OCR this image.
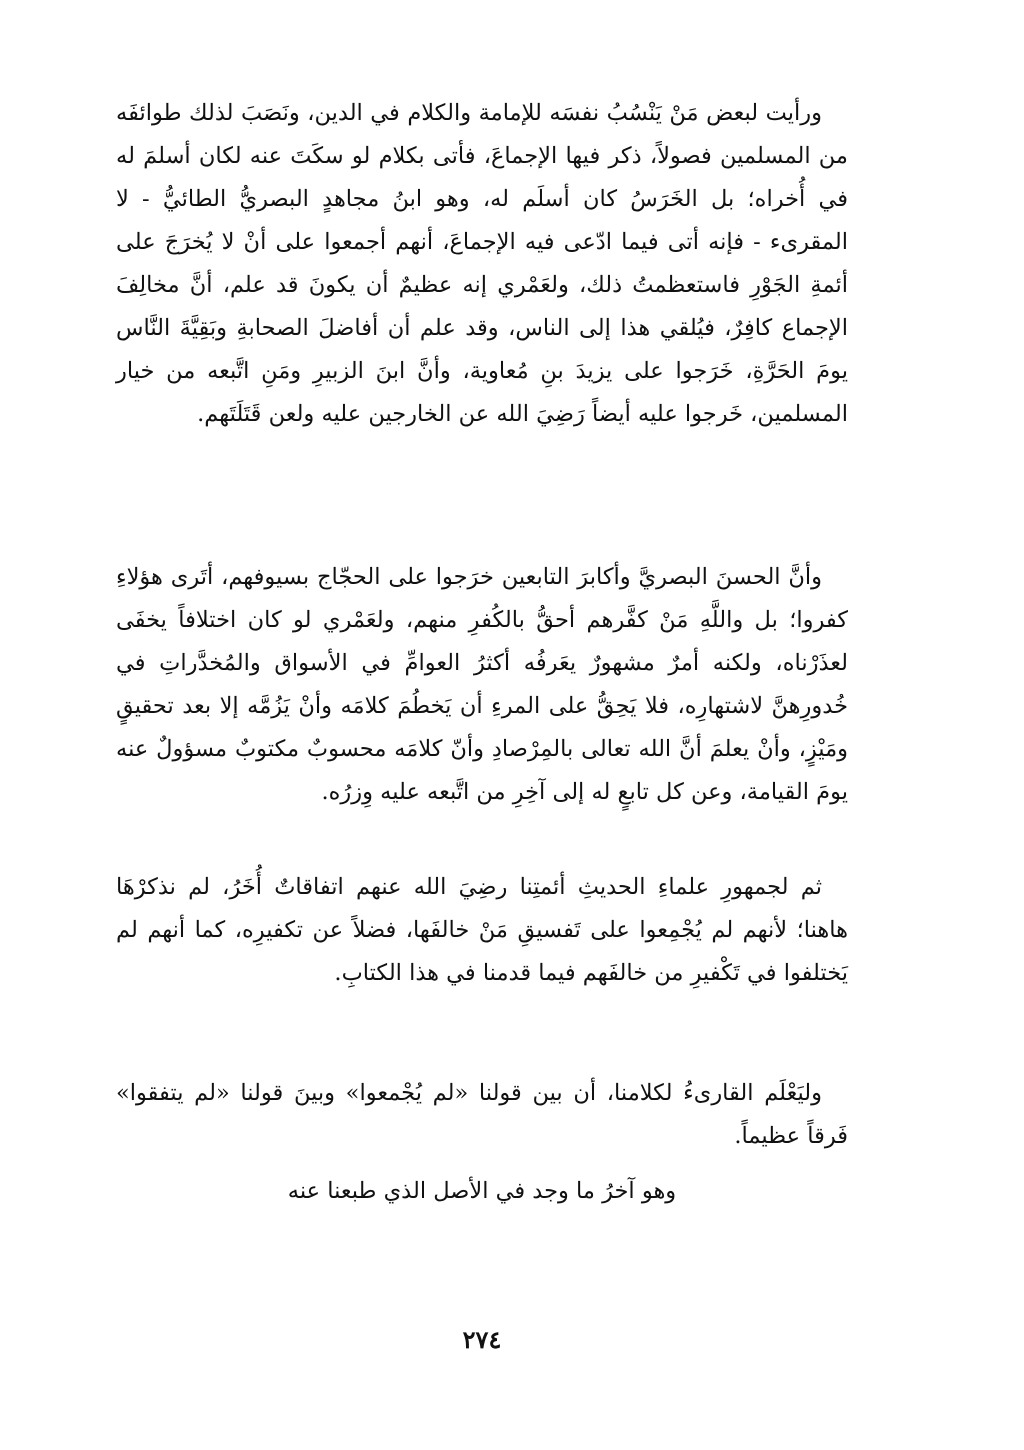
ورأيت لبعض مَنْ يَنْسُبُ نفسَه للإمامة والكلام في الدين، ونَصَبَ لذلك طوائفَه من المسلمين فصولاً، ذكر فيها الإجماعَ، فأتى بكلام لو سكَتَ عنه لكان أسلمَ له في أُخراه؛ بل الخَرَسُ كان أسلَم له، وهو ابنُ مجاهدٍ البصريُّ الطائيُّ - لا المقرىء - فإنه أتى فيما ادّعى فيه الإجماعَ، أنهم أجمعوا على أنْ لا يُخرَجَ على أئمةِ الجَوْرِ فاستعظمتُ ذلك، ولعَمْري إنه عظيمٌ أن يكونَ قد علم، أنَّ مخالِفَ الإجماع كافِرٌ، فيُلقي هذا إلى الناس، وقد علم أن أفاضلَ الصحابةِ وبَقِيَّةَ النَّاس يومَ الحَرَّةِ، خَرَجوا على يزيدَ بنِ مُعاوية، وأنَّ ابنَ الزبيرِ ومَنِ اتَّبعه من خيار المسلمين، خَرجوا عليه أيضاً رَضِيَ الله عن الخارجين عليه ولعن قَتَلَتَهم.

وأنَّ الحسنَ البصريَّ وأكابرَ التابعين خرَجوا على الحجّاج بسيوفهم، أتَرى هؤلاءِ كفروا؛ بل واللَّهِ مَنْ كفَّرهم أحقُّ بالكُفرِ منهم، ولعَمْري لو كان اختلافاً يخفَى لعذَرْناه، ولكنه أمرٌ مشهورٌ يعَرفُه أكثرُ العوامِّ في الأسواق والمُخدَّراتِ في خُدورِهنَّ لاشتهارِه، فلا يَحِقُّ على المرءِ أن يَخطُمَ كلامَه وأنْ يَزُمَّه إلا بعد تحقيقٍ ومَيْزٍ، وأنْ يعلمَ أنَّ الله تعالى بالمِرْصادِ وأنّ كلامَه محسوبٌ مكتوبٌ مسؤولٌ عنه يومَ القيامة، وعن كل تابعٍ له إلى آخِرِ من اتَّبعه عليه وِزرُه.

ثم لجمهورِ علماءِ الحديثِ أئمتِنا رضِيَ الله عنهم اتفاقاتٌ أُخَرُ، لم نذكرْهَا هاهنا؛ لأنهم لم يُجْمِعوا على تَفسيقِ مَنْ خالفَها، فضلاً عن تكفيرِه، كما أنهم لم يَختلفوا في تَكْفيرِ من خالفَهم فيما قدمنا في هذا الكتابِ.

وليَعْلَم القارىءُ لكلامنا، أن بين قولنا «لم يُجْمعوا» وبينَ قولنا «لم يتفقوا» فَرقاً عظيماً.

وهو آخرُ ما وجد في الأصل الذي طبعنا عنه

٢٧٤
